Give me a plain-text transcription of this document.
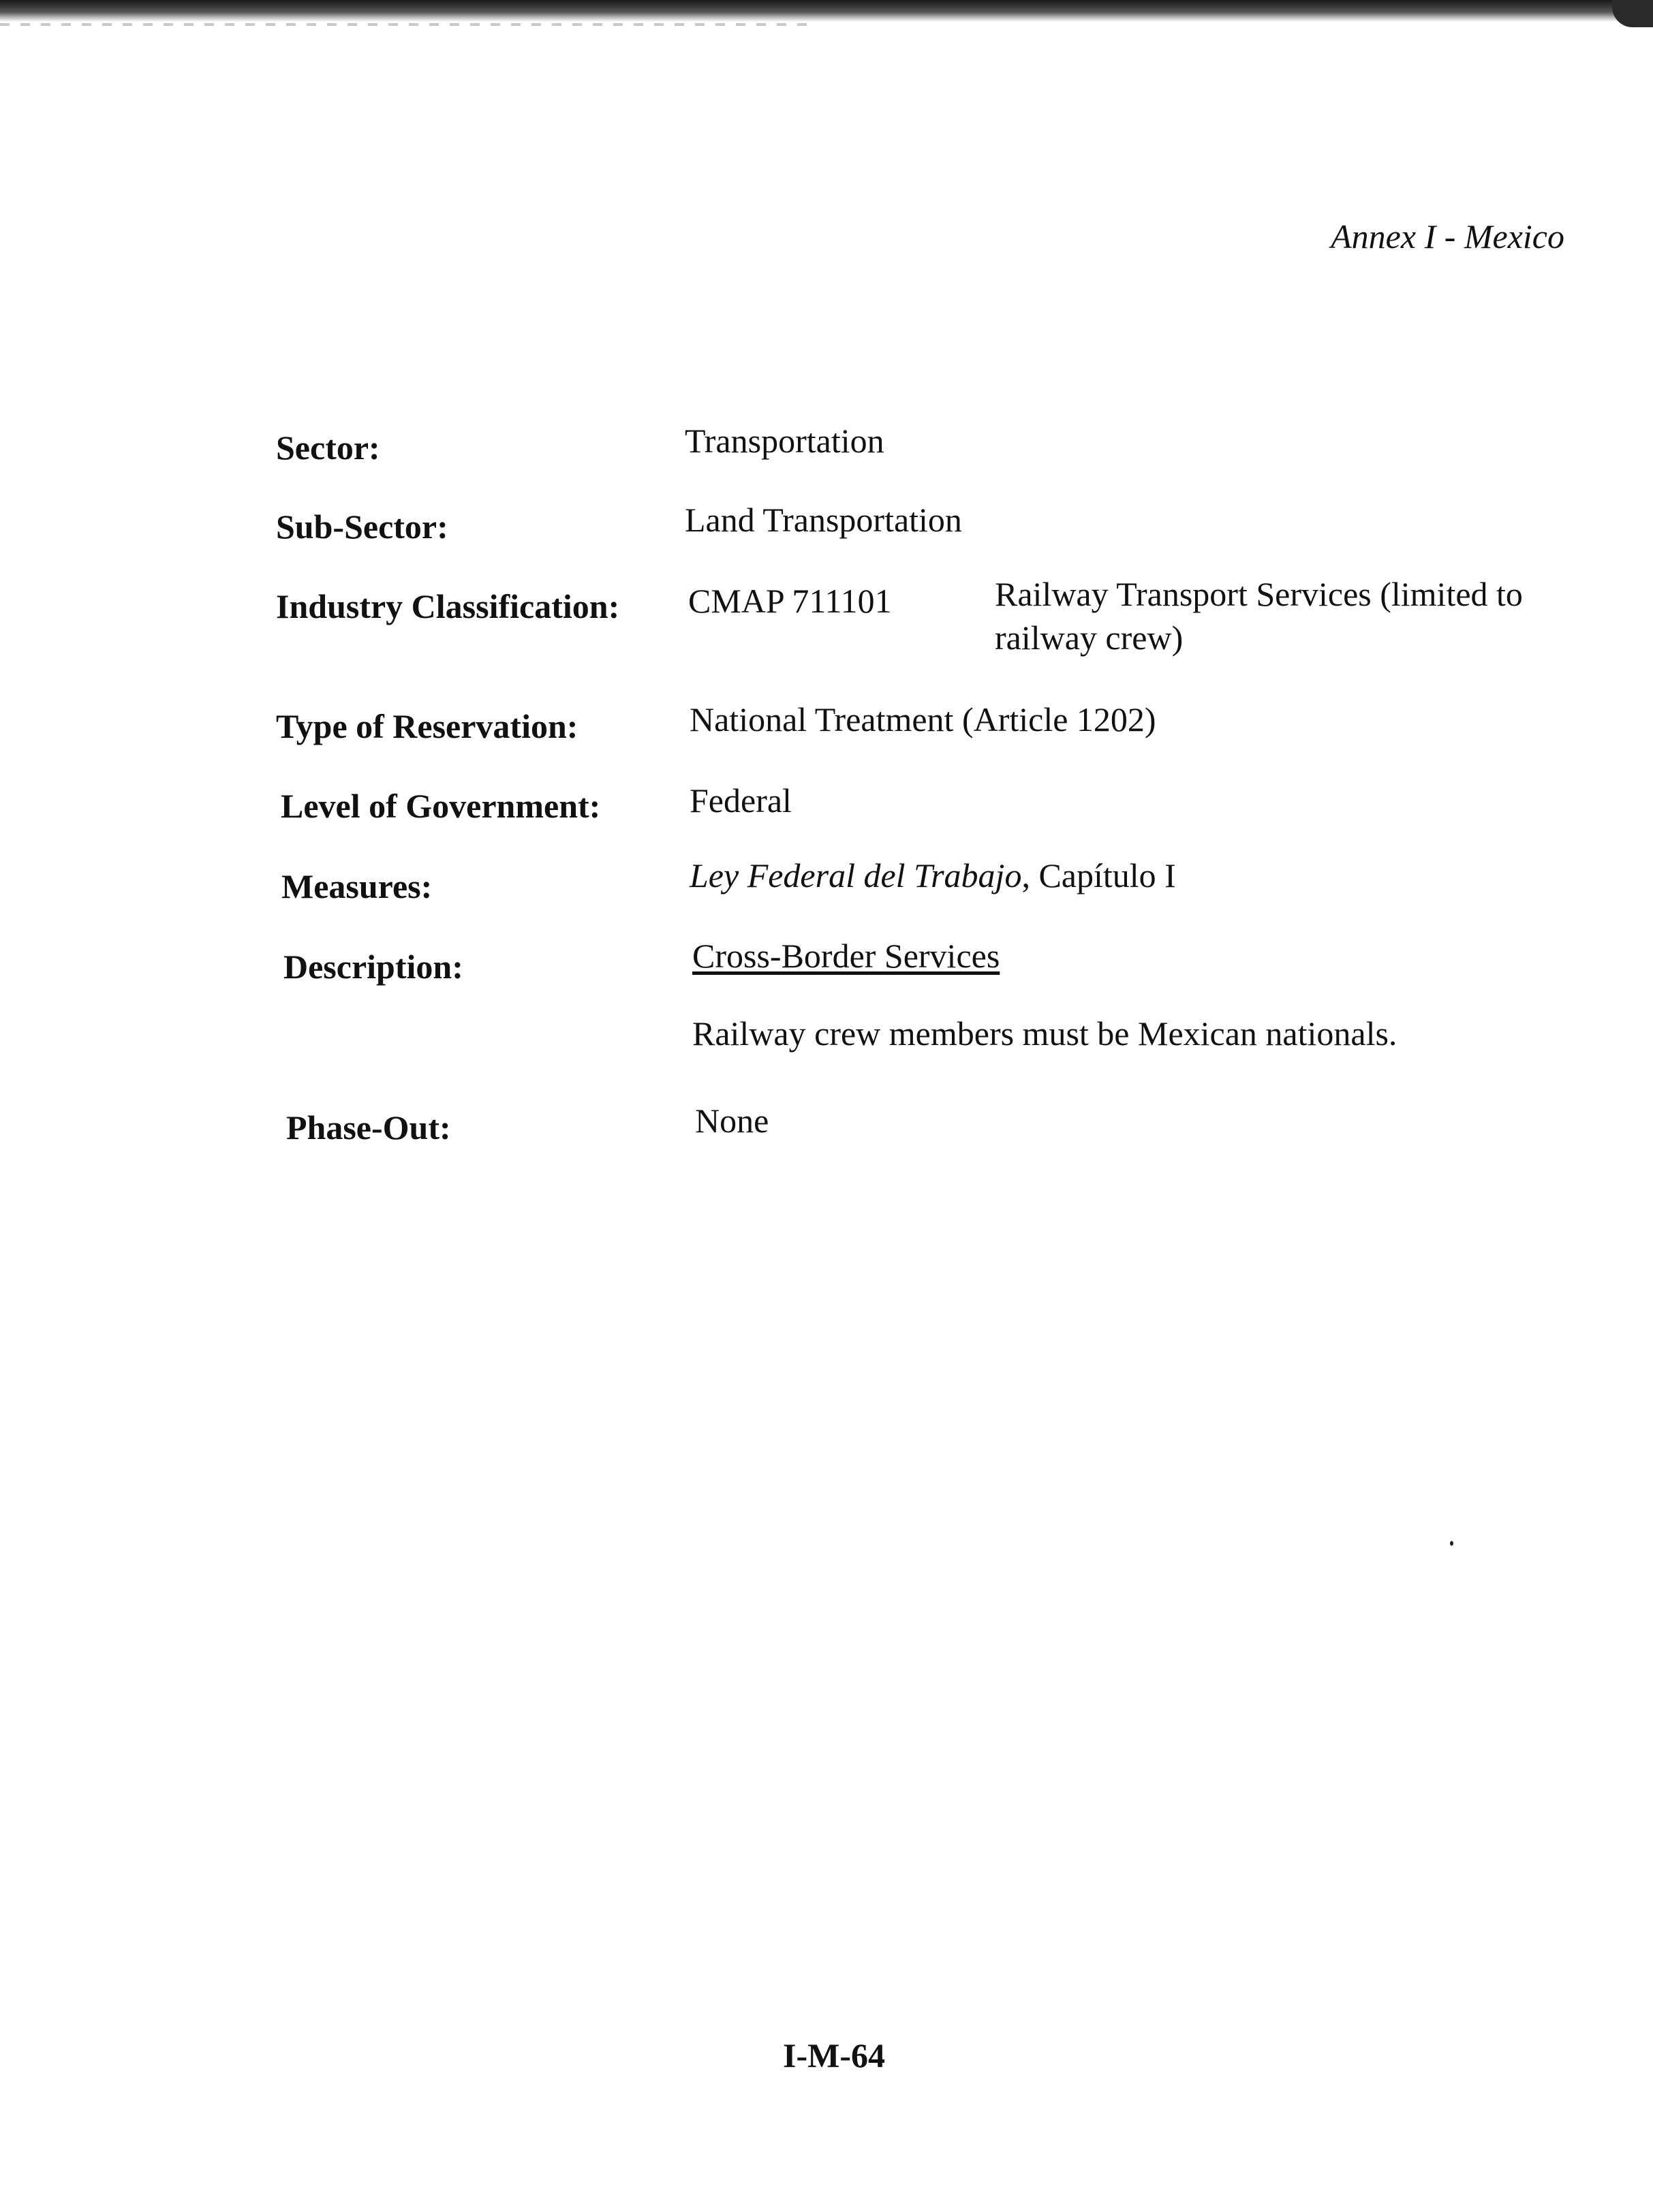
Annex I - Mexico
Sector:	Transportation
Sub-Sector:	Land Transportation
Industry Classification: CMAP 711101	Railway Transport Services (limited to railway crew)
Type of Reservation:	National Treatment (Article 1202)
Level of Government:	Federal
Measures:	Ley Federal del Trabajo, Capítulo I
Description:	Cross-Border Services
Railway crew members must be Mexican nationals.
Phase-Out:	None
I-M-64
